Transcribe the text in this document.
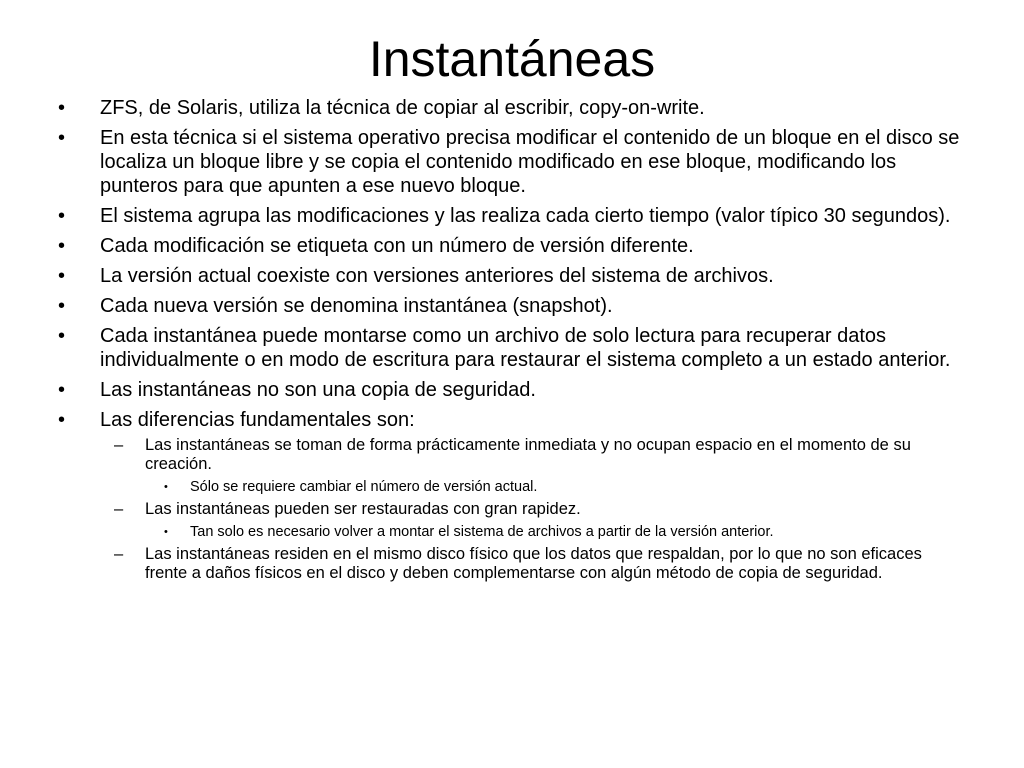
Instantáneas
•	ZFS, de Solaris, utiliza la técnica de copiar al escribir, copy-on-write.
•	En esta técnica si el sistema operativo precisa modificar el contenido de un bloque en el disco se localiza un bloque libre y se copia el contenido modificado en ese bloque, modificando los punteros para que apunten a ese nuevo bloque.
•	El sistema agrupa las modificaciones y las realiza cada cierto tiempo (valor típico 30 segundos).
•	Cada modificación se etiqueta con un número de versión diferente.
•	La versión actual coexiste con versiones anteriores del sistema de archivos.
•	Cada nueva versión se denomina instantánea (snapshot).
•	Cada instantánea puede montarse como un archivo de solo lectura para recuperar datos individualmente o en modo de escritura para restaurar el sistema completo a un estado anterior.
•	Las instantáneas no son una copia de seguridad.
•	Las diferencias fundamentales son:
– Las instantáneas se toman de forma prácticamente inmediata y no ocupan espacio en el momento de su creación.
• Sólo se requiere cambiar el número de versión actual.
– Las instantáneas pueden ser restauradas con gran rapidez.
• Tan solo es necesario volver a montar el sistema de archivos a partir de la versión anterior.
– Las instantáneas residen en el mismo disco físico que los datos que respaldan, por lo que no son eficaces frente a daños físicos en el disco y deben complementarse con algún método de copia de seguridad.
